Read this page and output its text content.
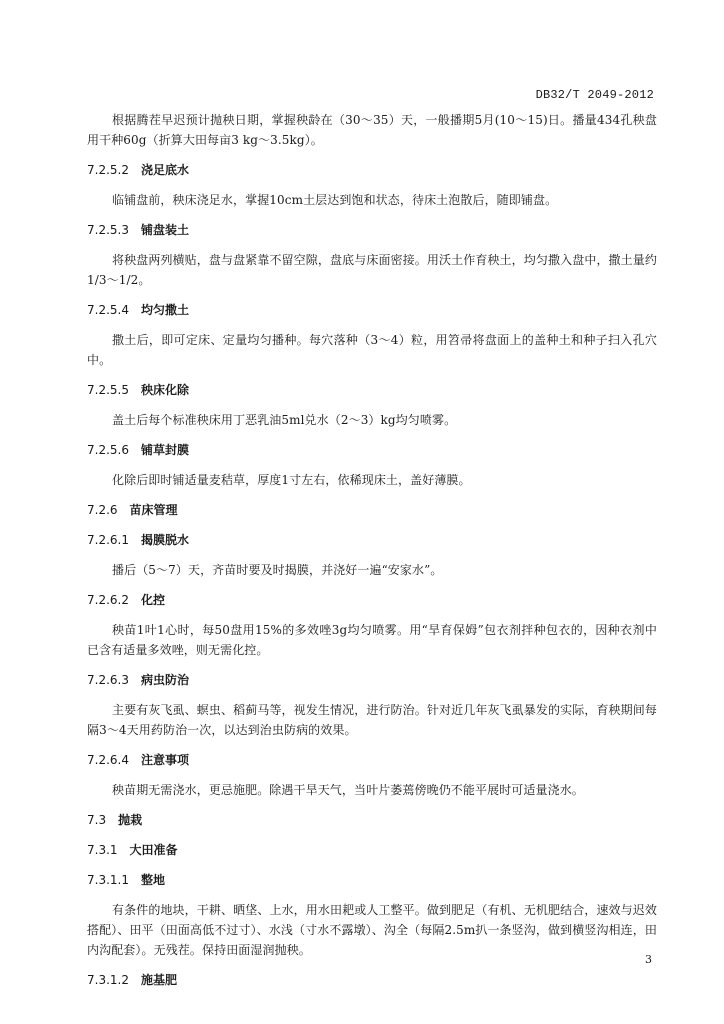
DB32/T 2049-2012

根据腾茬早迟预计抛秧日期，掌握秧龄在（30～35）天，一般播期5月(10～15)日。播量434孔秧盘用干种60g（折算大田每亩3 kg～3.5kg）。

7.2.5.2 浇足底水

临铺盘前，秧床浇足水，掌握10cm土层达到饱和状态，待床土泡散后，随即铺盘。

7.2.5.3 铺盘装土

将秧盘两列横贴，盘与盘紧靠不留空隙，盘底与床面密接。用沃土作育秧土，均匀撒入盘中，撒土量约1/3～1/2。

7.2.5.4 均匀撒土

撒土后，即可定床、定量均匀播种。每穴落种（3～4）粒，用笤帚将盘面上的盖种土和种子扫入孔穴中。

7.2.5.5 秧床化除

盖土后每个标准秧床用丁恶乳油5ml兑水（2～3）kg均匀喷雾。

7.2.5.6 铺草封膜

化除后即时铺适量麦秸草，厚度1寸左右，依稀现床土，盖好薄膜。

7.2.6 苗床管理
7.2.6.1 揭膜脱水

播后（5～7）天，齐苗时要及时揭膜，并浇好一遍“安家水”。

7.2.6.2 化控

秧苗1叶1心时，每50盘用15%的多效唑3g均匀喷雾。用“旱育保姆”包衣剂拌种包衣的，因种衣剂中已含有适量多效唑，则无需化控。

7.2.6.3 病虫防治

主要有灰飞虱、螟虫、稻蓟马等，视发生情况，进行防治。针对近几年灰飞虱暴发的实际，育秧期间每隔3～4天用药防治一次，以达到治虫防病的效果。

7.2.6.4 注意事项

秧苗期无需浇水，更忌施肥。除遇干旱天气，当叶片萎蔫傍晚仍不能平展时可适量浇水。

7.3 抛栽
7.3.1 大田准备
7.3.1.1 整地

有条件的地块，干耕、晒垡、上水，用水田耙或人工整平。做到肥足（有机、无机肥结合，速效与迟效搭配）、田平（田面高低不过寸）、水浅（寸水不露墩）、沟全（每隔2.5m扒一条竖沟，做到横竖沟相连，田内沟配套）。无残茬。保持田面湿润抛秧。

7.3.1.2 施基肥
3
